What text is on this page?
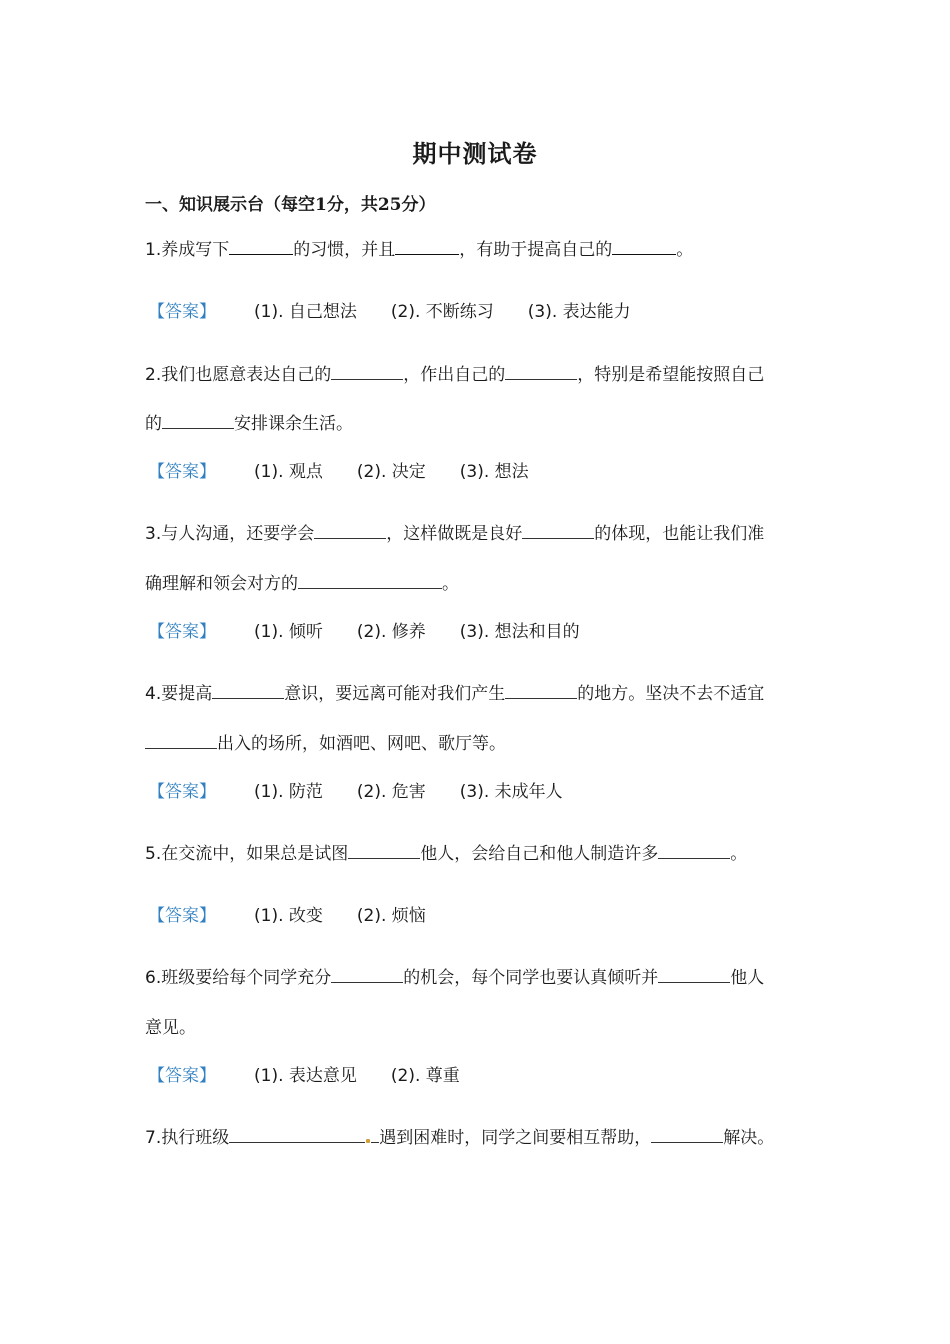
期中测试卷
一、知识展示台（每空1分，共25分）
1.养成写下	的习惯，并且	，有助于提高自己的	。
【答案】 (1). 自己想法 (2). 不断练习 (3). 表达能力
2.我们也愿意表达自己的	，作出自己的	，特别是希望能按照自己
的	安排课余生活。
【答案】 (1). 观点 (2). 决定 (3). 想法
3.与人沟通，还要学会	，这样做既是良好	的体现，也能让我们准
确理解和领会对方的	。
【答案】 (1). 倾听 (2). 修养 (3). 想法和目的
4.要提高	意识，要远离可能对我们产生	的地方。坚决不去不适宜
出入的场所，如酒吧、网吧、歌厅等。
【答案】 (1). 防范 (2). 危害 (3). 未成年人
5.在交流中，如果总是试图	他人，会给自己和他人制造许多	。
【答案】 (1). 改变 (2). 烦恼
6.班级要给每个同学充分	的机会，每个同学也要认真倾听并	他人
意见。
【答案】 (1). 表达意见 (2). 尊重
7.执行班级	遇到困难时，同学之间要相互帮助，	解决。
